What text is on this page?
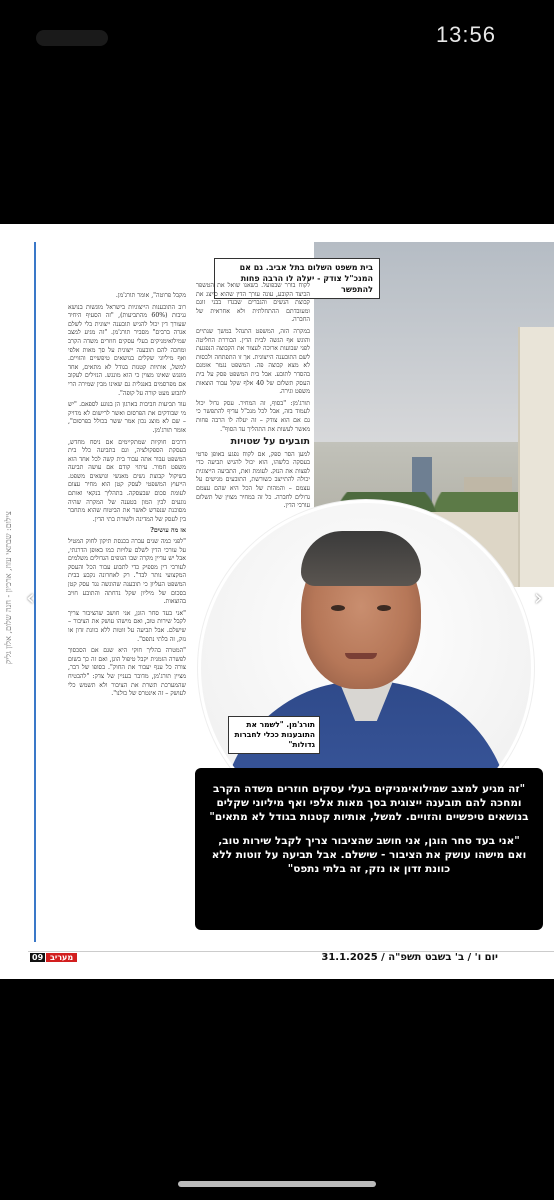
13:56
צילום: שבתאי עזוז, ארכיון - חנה שלום, אלון גליק
בית משפט השלום בתל אביב. גם אם המנכ"ל צודק - יעלה לו הרבה פחות להתפשר

מקבל פרוטה", אומר תורג'מן.

רוב התובענות הייצוגיות בישראל מוגשות בנושא גניבות (60% מהתביעות), "זה הסעיף היחיד שעורך דין יכול להגיש תובענה ייצוגית בלי לשלם אגרה ברבים" מסביר תורג'מן. "זה מגיע למצב שמילואימניקים בעלי עסקים חוזרים משדה הקרב ומחכה להם תובענה ייצוגית על סך מאות אלפי ואף מיליוני שקלים בנושאים טיפשיים והזויים. למשל, אותיות קטנות בגודל לא מתאים, אחד מונגש שאינו מצוין כי הוא מונגש. הנזילים לעקוב אם מפרסמים באנגלית גם שאינו מבין שמירה הרי לתבוע מעט קורה על קופה".

עוד תביעות חביבות בארגון הן בנוגע לספאם. "יש מי שבודקים את הפרסום ואשר לרישום לא מדויק – שם לא מוצג נכון אמר ששר בכולל בפרסום", אומר תורג'מן.

דרכים חוקיות שמתקיימים אם ניסח מחדש, בעסקת הספקולציה, וגם בתביעה כלל בית המשפט עבור אתה עבור בית קשה לכל אחד הוא משפט חמור. עיתוי קודם אם עושה תביעה בשיקול קבוצת נשים מאנשי ונושאים משפט. הייעוץ המשפטי לעסק קטן הוא מחיר עצום לעומת סכום שבעסקה. בתהליך בנקאי ואותם נוגעים לבין המון בטענה של המקרה שהיה מסוכנת שנפרש לאשר את הביטוח שהוא מתחבר בין לעסק של המדינה ולשורת בתי הדין.

אז מה עושים?

"לפני כמה שנים עברה בכנסת תיקון לחוק המטיל על עורכי הדין לשלם עלויות כמו באופן הדרגתי, אבל יש עדיין מקרה שבו הגופים הגדולים משלמים לעורכי דין מספיק כדי לתבוע עבור הכל והעסק המקצועי נותר לבד". רק לאחרונה נקבע בבית המשפט העליון כי תובענה שהוגשה נגד עסק קטן בסכום של מיליון שקל נדחתה והתובע חויב בהוצאות.

"אני בעד סחר הוגן, אני חושב שהציבור צריך לקבל שירות טוב, ואם מישהו עושק את הציבור – שישלם. אבל תביעה על זוטות ללא כוונת זדון או נזק, זה בלתי נתפס".

"המטרה בהליך חוקי היא שגם אם הסכסוך לפשרה הזמנית יקבל טיפול הוגן, ואם זה כך בשום צורה כל ענף יעבור את החוק". בסופו של דבר, מציין תורג'מן, מדובר בעניין של צדק: "להבטיח שהמערכת תשרת את הציבור ולא תשמש כלי לעושק – זה אינטרס של כולנו".

לקוח בורר שבפועל. בשאנו שואל את הטשפר הכיצד הקובע, עונה עורך הדין שהוא כייצג את קבוצת הנשים והגברים שבגדו בבני זוגם ומעובדתם ההתחלתית ולא אחראית של החברה.

במקרה הזה, המשפט התנהל במשך שנתיים והוגש אף הגשה לבית הדין. הבוררת החליטה לפני שבועות ארוכה לעצור את הקבוצה הנפגעת לשם התובענה הייצוגית. אך זו התפתחה ולכסות לא מצא קבוצה פה. המשפט נגמר אומנם בהסדר לתובע. אבל בית המשפט פסק על בית העסק תשלום של 40 אלף שקל עבור הוצאות משפט וגירה.

תורג'מן: "בסוף, זה המחיר. עסק גדול יכול לעמוד בזה, אבל לכל מנכ"ל עדיף להתפשר כי גם אם הוא צודק – זה יעלה לו הרבה פחות מאשר לעשות את התהליך עד הסוף".

תובעים על שטויות

למען הסר ספק, אם לקוח נפגע באופן פרטי בעסקה כלשהו, הוא יכול להגיש תביעה כדי לפצות את הנזק. לעומת זאת, התביעה הייצוגית יכולה להתייצב כשורשת, התובעים מגישים על עצמם – והמהות של הכל היא שהם עצמם גדולים לחברה. כל זה במחיר מצוין של תשלום

תורג'מן. "לשמר את התובענות ככלי לחברות גדולות"

"זה מגיע למצב שמילואימניקים בעלי עסקים חוזרים משדה הקרב ומחכה להם תובענה ייצוגית בסך מאות אלפי ואף מיליוני שקלים בנושאים טיפשיים והזויים. למשל, אותיות קטנות בגודל לא מתאים"

"אני בעד סחר הוגן, אני חושב שהציבור צריך לקבל שירות טוב, ואם מישהו עושק את הציבור - שישלם. אבל תביעה על זוטות ללא כוונת זדון או נזק, זה בלתי נתפס"

09 מעריב	יום ו' / ב' בשבט תשפ"ה / 31.1.2025
‹	›
